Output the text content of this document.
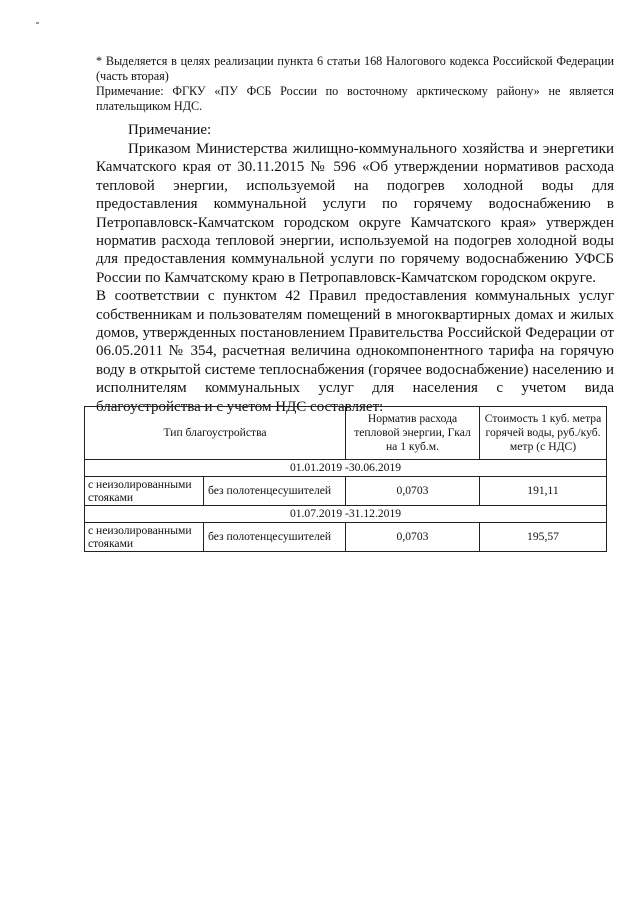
* Выделяется в целях реализации пункта 6 статьи 168 Налогового кодекса Российской Федерации (часть вторая)

Примечание: ФГКУ «ПУ ФСБ России по восточному арктическому району» не является плательщиком НДС.

Примечание:

Приказом Министерства жилищно-коммунального хозяйства и энергетики Камчатского края от 30.11.2015 № 596 «Об утверждении нормативов расхода тепловой энергии, используемой на подогрев холодной воды для предоставления коммунальной услуги по горячему водоснабжению в Петропавловск-Камчатском городском округе Камчатского края» утвержден норматив расхода тепловой энергии, используемой на подогрев холодной воды для предоставления коммунальной услуги по горячему водоснабжению УФСБ России по Камчатскому краю в Петропавловск-Камчатском городском округе.

В соответствии с пунктом 42 Правил предоставления коммунальных услуг собственникам и пользователям помещений в многоквартирных домах и жилых домов, утвержденных постановлением Правительства Российской Федерации от 06.05.2011 № 354, расчетная величина однокомпонентного тарифа на горячую воду в открытой системе теплоснабжения (горячее водоснабжение) населению и исполнителям коммунальных услуг для населения с учетом вида благоустройства и с учетом НДС составляет:

Тип благоустройства		Норматив расхода тепловой энергии, Гкал на 1 куб.м.	Стоимость 1 куб. метра горячей воды, руб./куб. метр (с НДС)
01.01.2019 -30.06.2019			
с неизолированными стояками	без полотенцесушителей	0,0703	191,11
01.07.2019 -31.12.2019			
с неизолированными стояками	без полотенцесушителей	0,0703	195,57
